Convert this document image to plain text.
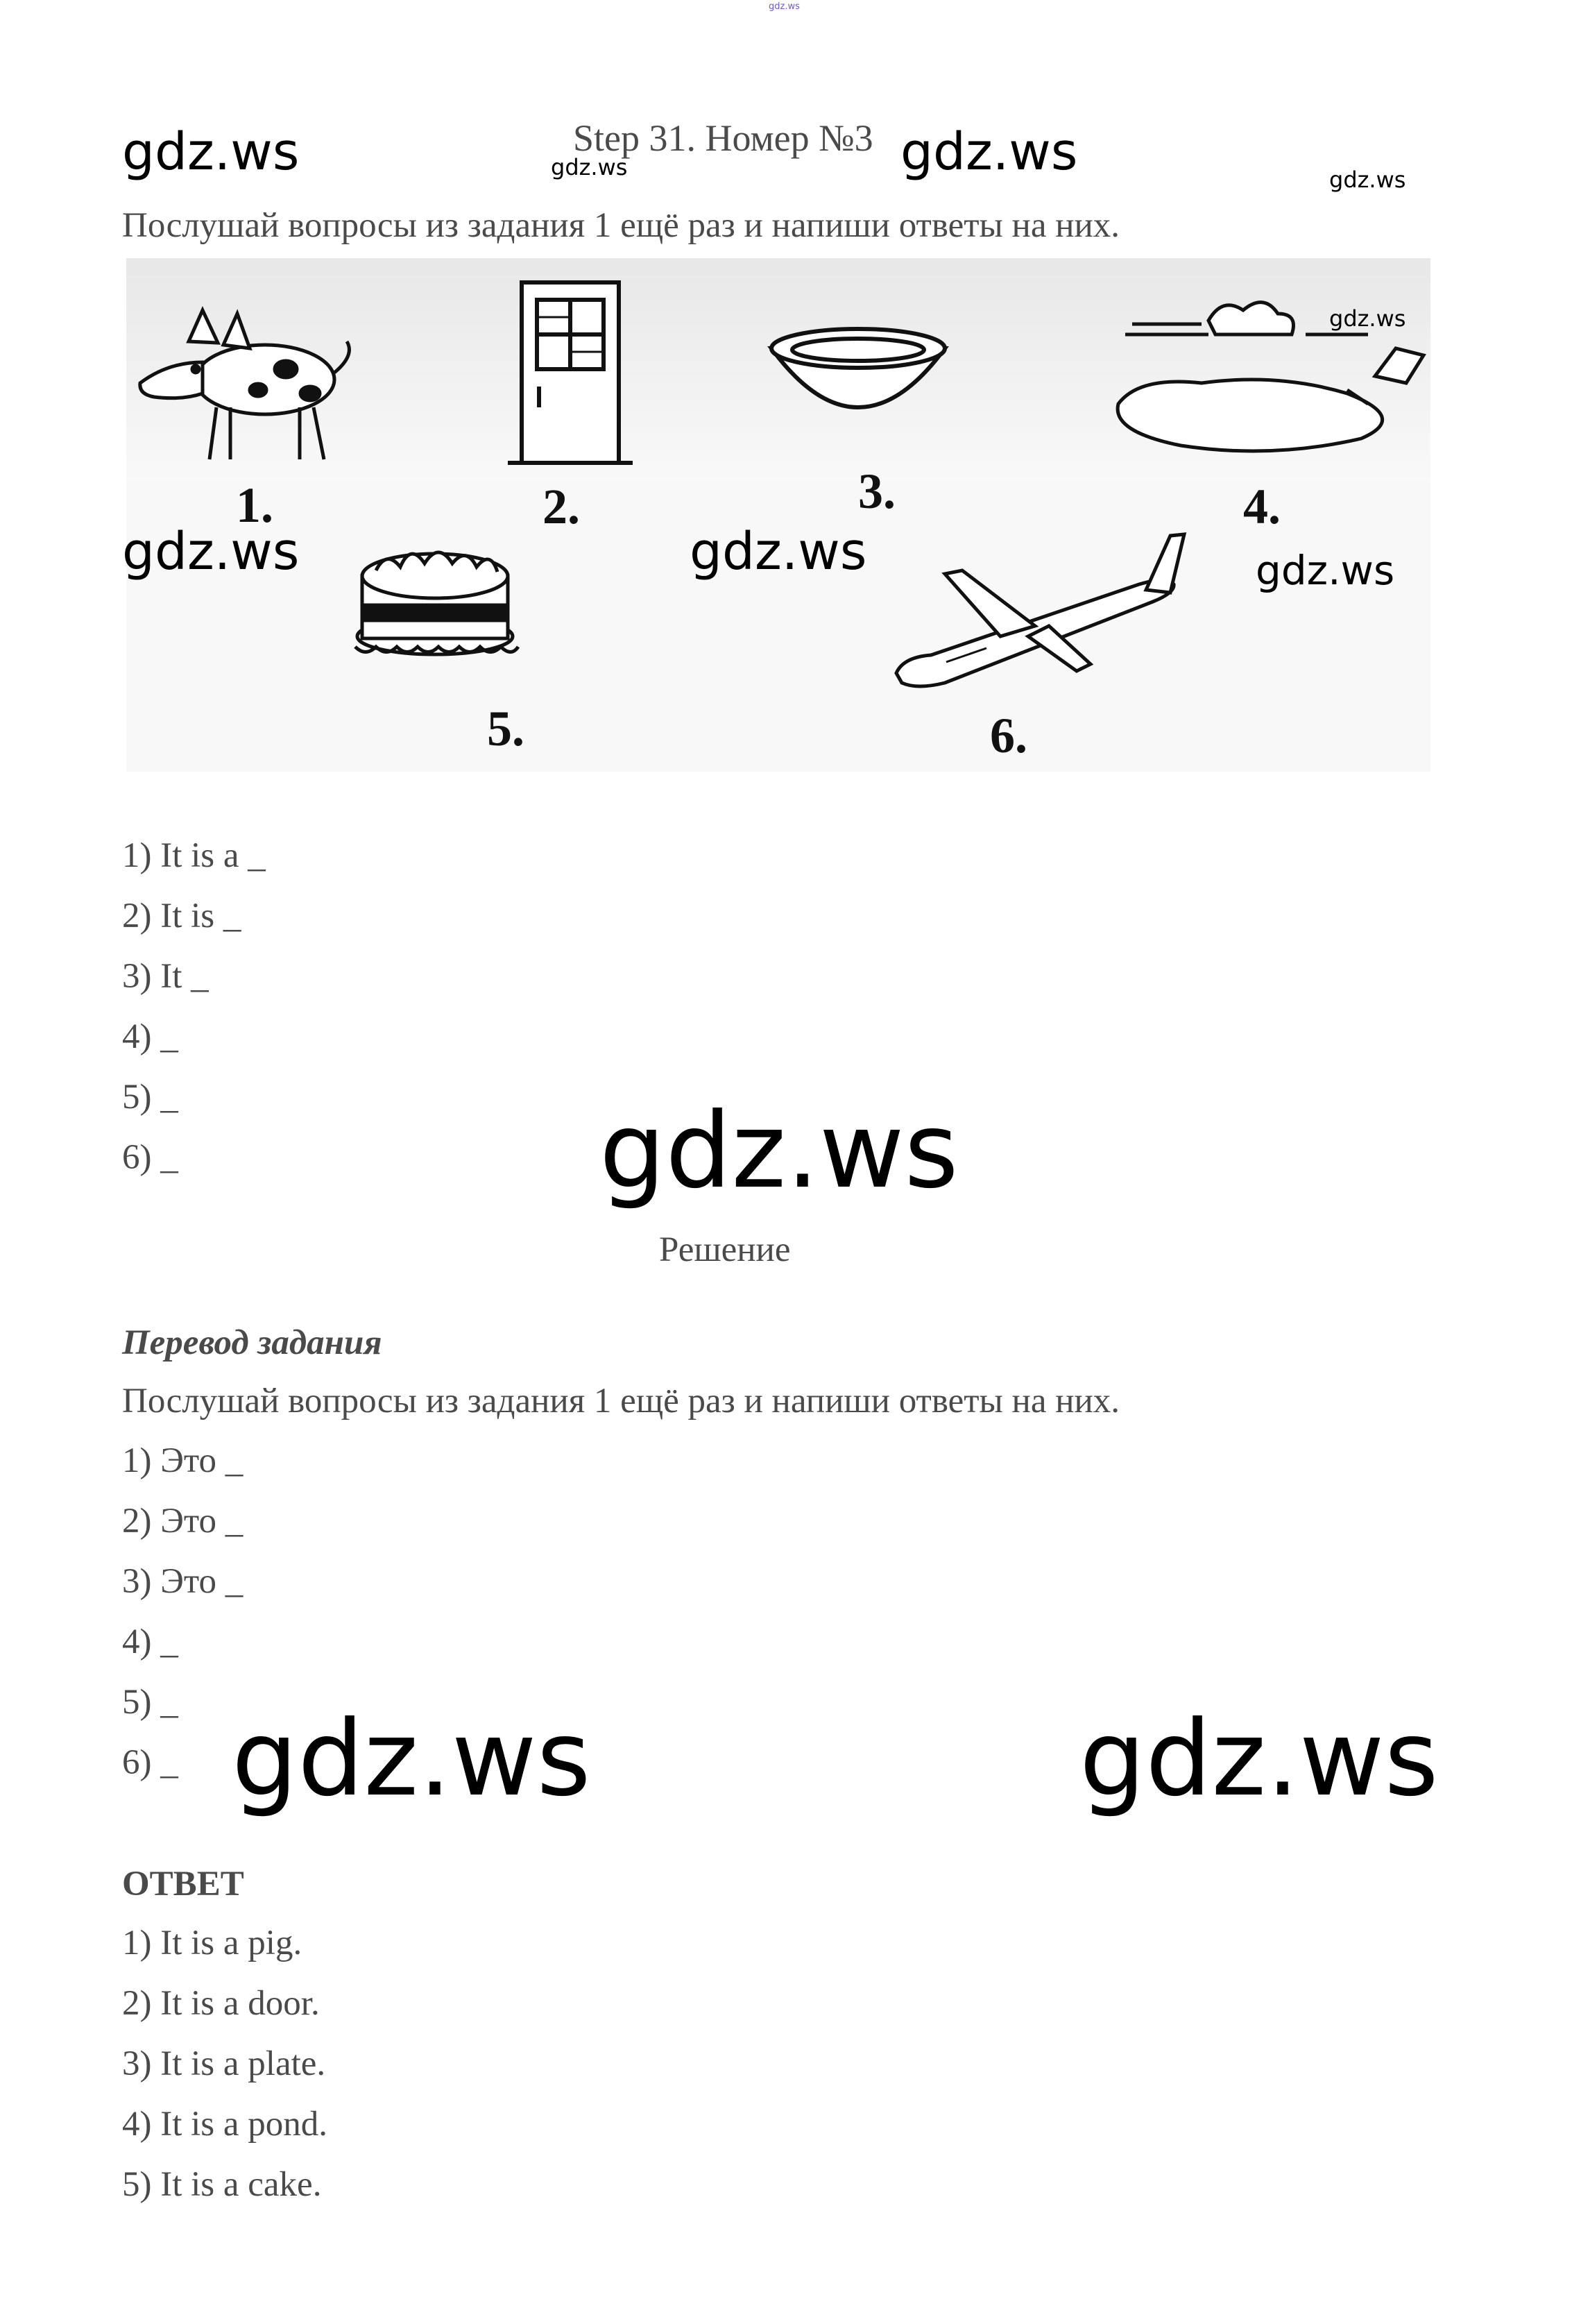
gdz.ws
gdz.ws	Step 31. Номер №3
gdz.ws	gdz.ws	gdz.ws
Послушай вопросы из задания 1 ещё раз и напиши ответы на них.
1.	2.	3.	4.
5.	6.
gdz.ws
gdz.ws	gdz.ws	gdz.ws
1) It is a _
2) It is _
3) It _
4) _
5) _
6) _	gdz.ws
Решение
Перевод задания
Послушай вопросы из задания 1 ещё раз и напиши ответы на них.
1) Это _
2) Это _
3) Это _
4) _
5) _
6) _ gdz.ws	gdz.ws
ОТВЕТ
1) It is a pig.
2) It is a door.
3) It is a plate.
4) It is a pond.
5) It is a cake.
